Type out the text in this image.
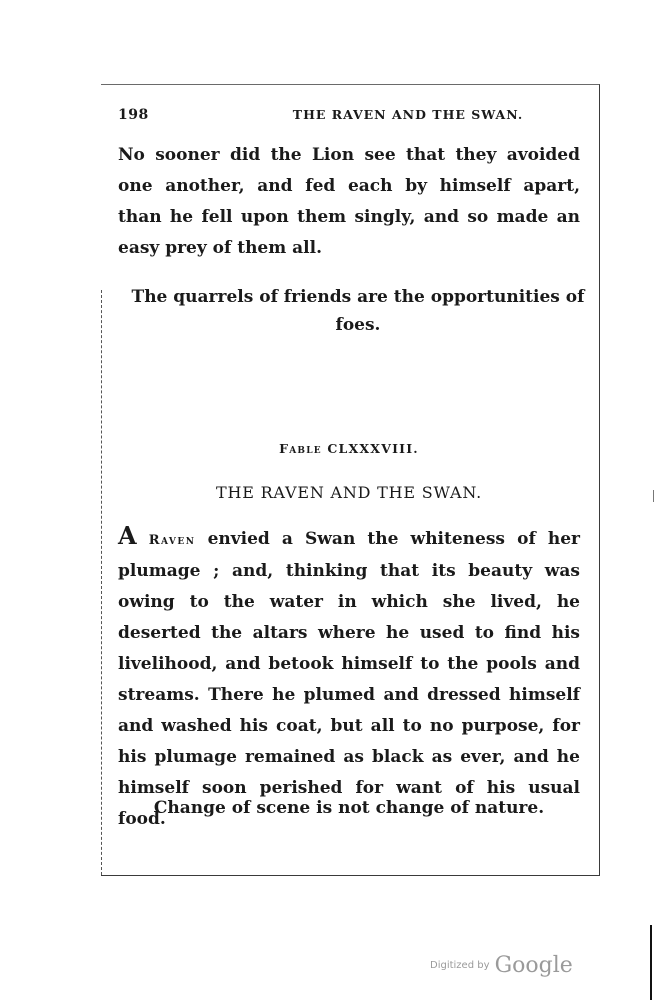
198	THE RAVEN AND THE SWAN.
No sooner did the Lion see that they avoided one another, and fed each by himself apart, than he fell upon them singly, and so made an easy prey of them all.
The quarrels of friends are the opportunities of foes.
Fable CLXXXVIII.
THE RAVEN AND THE SWAN.
A Raven envied a Swan the whiteness of her plumage ; and, thinking that its beauty was owing to the water in which she lived, he deserted the altars where he used to find his livelihood, and betook himself to the pools and streams. There he plumed and dressed himself and washed his coat, but all to no purpose, for his plumage remained as black as ever, and he himself soon perished for want of his usual food.
Change of scene is not change of nature.
Digitized by Google
